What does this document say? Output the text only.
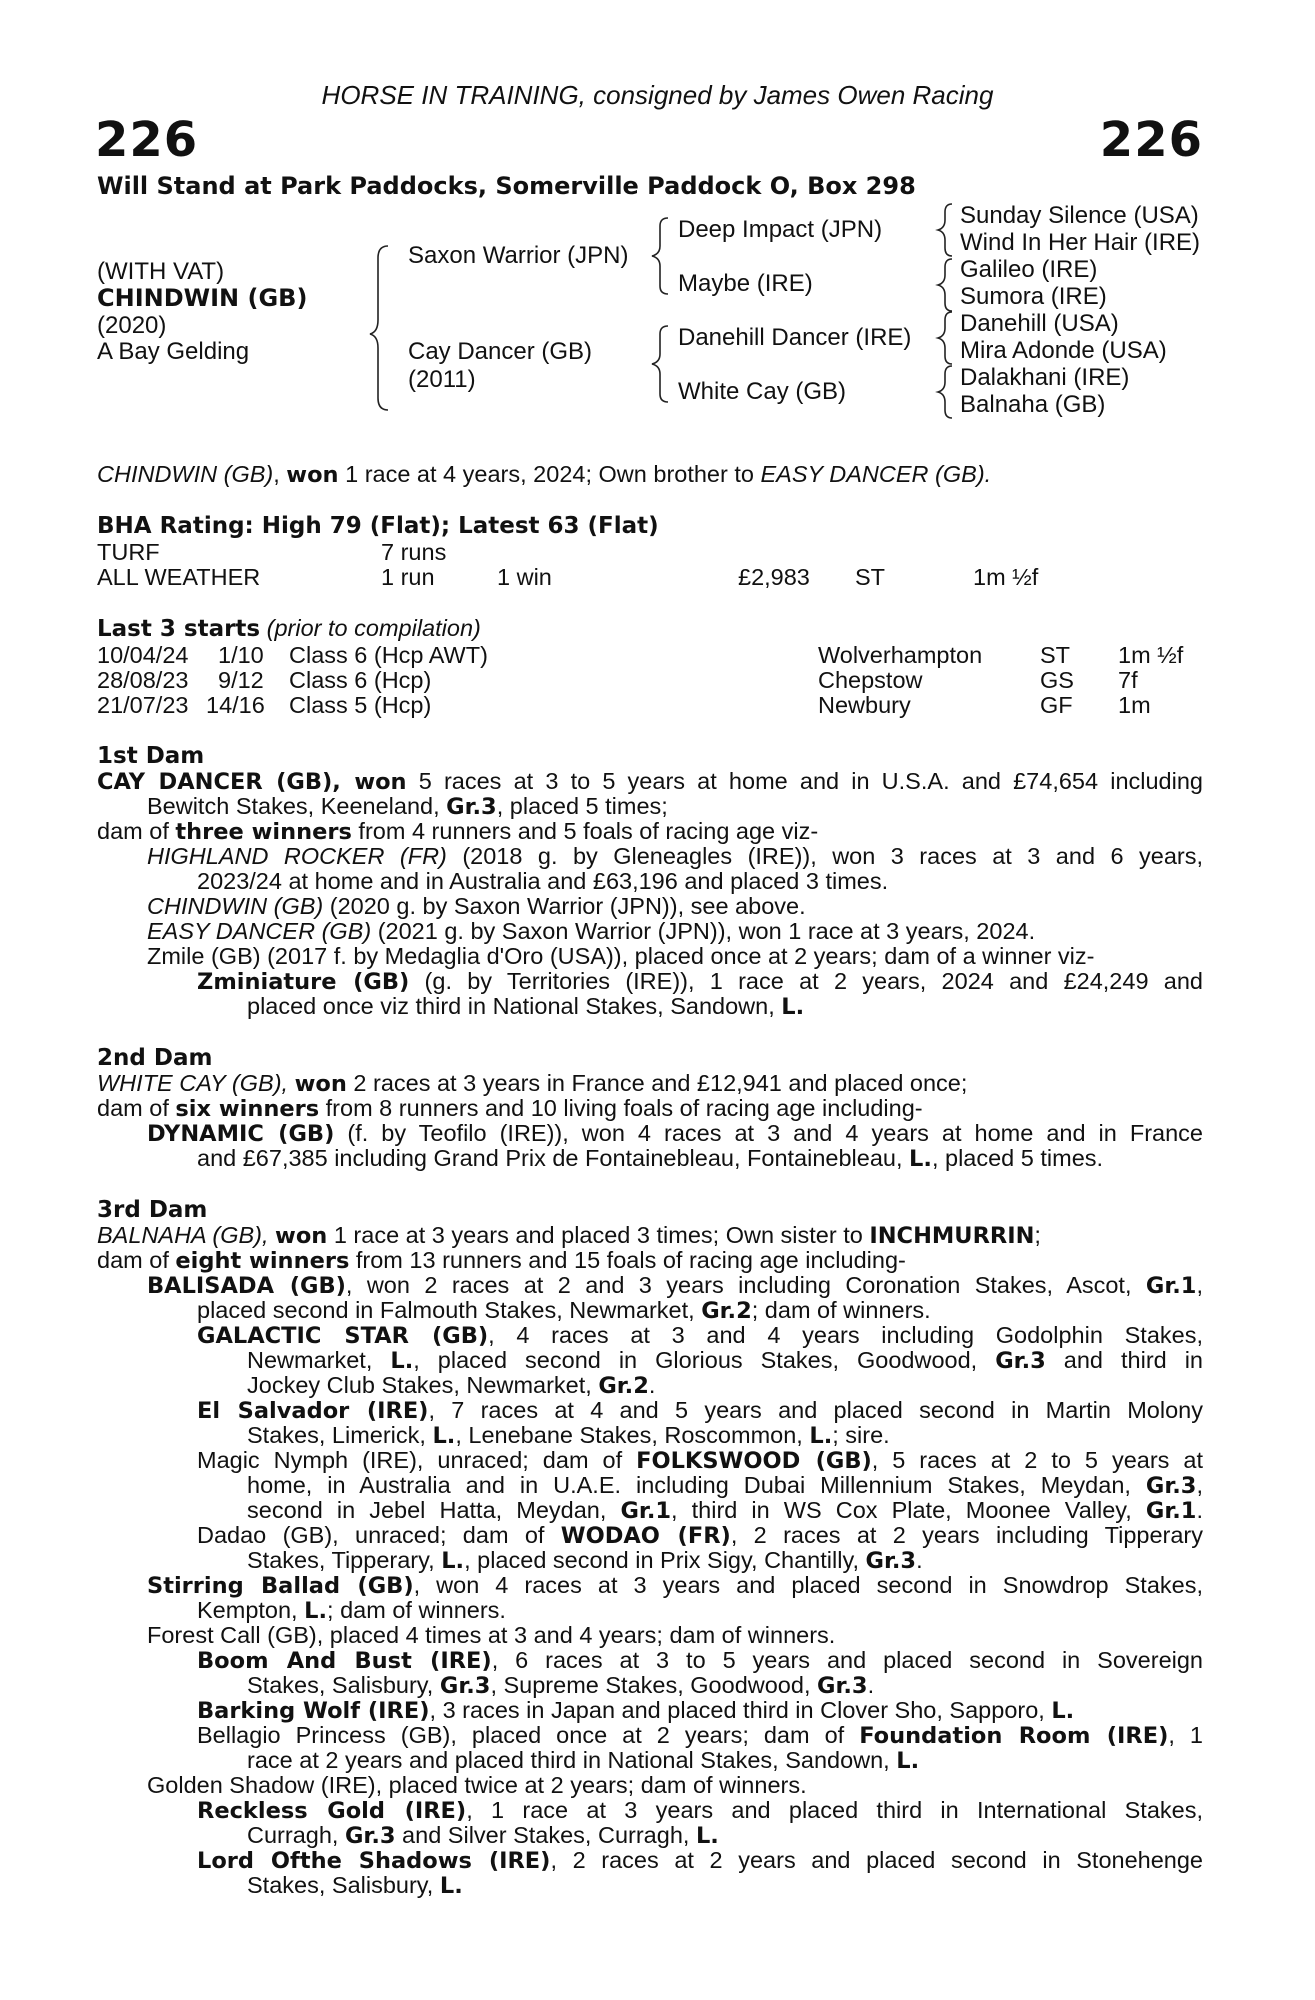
HORSE IN TRAINING, consigned by James Owen Racing
226	226
Will Stand at Park Paddocks, Somerville Paddock O, Box 298
(WITH VAT)
CHINDWIN (GB)
(2020)
A Bay Gelding
Saxon Warrior (JPN)
Cay Dancer (GB)
(2011)
Deep Impact (JPN)
Maybe (IRE)
Danehill Dancer (IRE)
White Cay (GB)
Sunday Silence (USA)
Wind In Her Hair (IRE)
Galileo (IRE)
Sumora (IRE)
Danehill (USA)
Mira Adonde (USA)
Dalakhani (IRE)
Balnaha (GB)
CHINDWIN (GB), won 1 race at 4 years, 2024; Own brother to EASY DANCER (GB).
BHA Rating: High 79 (Flat); Latest 63 (Flat)
TURF	7 runs
ALL WEATHER	1 run	1 win	£2,983 ST	1m ½f
Last 3 starts (prior to compilation)
10/04/24 1/10 Class 6 (Hcp AWT)	Wolverhampton ST 1m ½f
28/08/23 9/12 Class 6 (Hcp)	Chepstow	GS 7f
21/07/23 14/16 Class 5 (Hcp)	Newbury	GF 1m
1st Dam
CAY DANCER (GB), won 5 races at 3 to 5 years at home and in U.S.A. and £74,654 including
Bewitch Stakes, Keeneland, Gr.3, placed 5 times;
dam of three winners from 4 runners and 5 foals of racing age viz-
HIGHLAND ROCKER (FR) (2018 g. by Gleneagles (IRE)), won 3 races at 3 and 6 years,
2023/24 at home and in Australia and £63,196 and placed 3 times.
CHINDWIN (GB) (2020 g. by Saxon Warrior (JPN)), see above.
EASY DANCER (GB) (2021 g. by Saxon Warrior (JPN)), won 1 race at 3 years, 2024.
Zmile (GB) (2017 f. by Medaglia d'Oro (USA)), placed once at 2 years; dam of a winner viz-
Zminiature (GB) (g. by Territories (IRE)), 1 race at 2 years, 2024 and £24,249 and
placed once viz third in National Stakes, Sandown, L.
2nd Dam
WHITE CAY (GB), won 2 races at 3 years in France and £12,941 and placed once;
dam of six winners from 8 runners and 10 living foals of racing age including-
DYNAMIC (GB) (f. by Teofilo (IRE)), won 4 races at 3 and 4 years at home and in France
and £67,385 including Grand Prix de Fontainebleau, Fontainebleau, L., placed 5 times.
3rd Dam
BALNAHA (GB), won 1 race at 3 years and placed 3 times; Own sister to INCHMURRIN;
dam of eight winners from 13 runners and 15 foals of racing age including-
BALISADA (GB), won 2 races at 2 and 3 years including Coronation Stakes, Ascot, Gr.1,
placed second in Falmouth Stakes, Newmarket, Gr.2; dam of winners.
GALACTIC STAR (GB), 4 races at 3 and 4 years including Godolphin Stakes,
Newmarket, L., placed second in Glorious Stakes, Goodwood, Gr.3 and third in
Jockey Club Stakes, Newmarket, Gr.2.
El Salvador (IRE), 7 races at 4 and 5 years and placed second in Martin Molony
Stakes, Limerick, L., Lenebane Stakes, Roscommon, L.; sire.
Magic Nymph (IRE), unraced; dam of FOLKSWOOD (GB), 5 races at 2 to 5 years at
home, in Australia and in U.A.E. including Dubai Millennium Stakes, Meydan, Gr.3,
second in Jebel Hatta, Meydan, Gr.1, third in WS Cox Plate, Moonee Valley, Gr.1.
Dadao (GB), unraced; dam of WODAO (FR), 2 races at 2 years including Tipperary
Stakes, Tipperary, L., placed second in Prix Sigy, Chantilly, Gr.3.
Stirring Ballad (GB), won 4 races at 3 years and placed second in Snowdrop Stakes,
Kempton, L.; dam of winners.
Forest Call (GB), placed 4 times at 3 and 4 years; dam of winners.
Boom And Bust (IRE), 6 races at 3 to 5 years and placed second in Sovereign
Stakes, Salisbury, Gr.3, Supreme Stakes, Goodwood, Gr.3.
Barking Wolf (IRE), 3 races in Japan and placed third in Clover Sho, Sapporo, L.
Bellagio Princess (GB), placed once at 2 years; dam of Foundation Room (IRE), 1
race at 2 years and placed third in National Stakes, Sandown, L.
Golden Shadow (IRE), placed twice at 2 years; dam of winners.
Reckless Gold (IRE), 1 race at 3 years and placed third in International Stakes,
Curragh, Gr.3 and Silver Stakes, Curragh, L.
Lord Ofthe Shadows (IRE), 2 races at 2 years and placed second in Stonehenge
Stakes, Salisbury, L.
